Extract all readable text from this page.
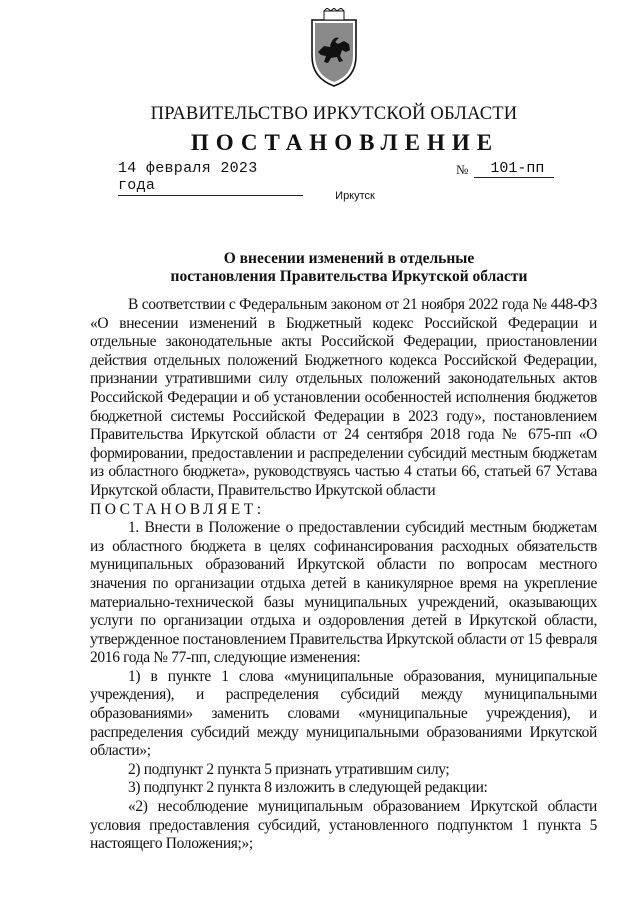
ПРАВИТЕЛЬСТВО ИРКУТСКОЙ ОБЛАСТИ
ПОСТАНОВЛЕНИЕ
14 февраля 2023 года
№	101-пп
Иркутск
О внесении изменений в отдельные
постановления Правительства Иркутской области

В соответствии с Федеральным законом от 21 ноября 2022 года № 448-ФЗ «О внесении изменений в Бюджетный кодекс Российской Федерации и отдельные законодательные акты Российской Федерации, приостановлении действия отдельных положений Бюджетного кодекса Российской Федерации, признании утратившими силу отдельных положений законодательных актов Российской Федерации и об установлении особенностей исполнения бюджетов бюджетной системы Российской Федерации в 2023 году», постановлением Правительства Иркутской области от 24 сентября 2018 года № 675-пп «О формировании, предоставлении и распределении субсидий местным бюджетам из областного бюджета», руководствуясь частью 4 статьи 66, статьей 67 Устава Иркутской области, Правительство Иркутской области

ПОСТАНОВЛЯЕТ:

1. Внести в Положение о предоставлении субсидий местным бюджетам из областного бюджета в целях софинансирования расходных обязательств муниципальных образований Иркутской области по вопросам местного значения по организации отдыха детей в каникулярное время на укрепление материально-технической базы муниципальных учреждений, оказывающих услуги по организации отдыха и оздоровления детей в Иркутской области, утвержденное постановлением Правительства Иркутской области от 15 февраля 2016 года № 77-пп, следующие изменения:

1) в пункте 1 слова «муниципальные образования, муниципальные учреждения), и распределения субсидий между муниципальными образованиями» заменить словами «муниципальные учреждения), и распределения субсидий между муниципальными образованиями Иркутской области»;

2) подпункт 2 пункта 5 признать утратившим силу;

3) подпункт 2 пункта 8 изложить в следующей редакции:

«2) несоблюдение муниципальным образованием Иркутской области условия предоставления субсидий, установленного подпунктом 1 пункта 5 настоящего Положения;»;
